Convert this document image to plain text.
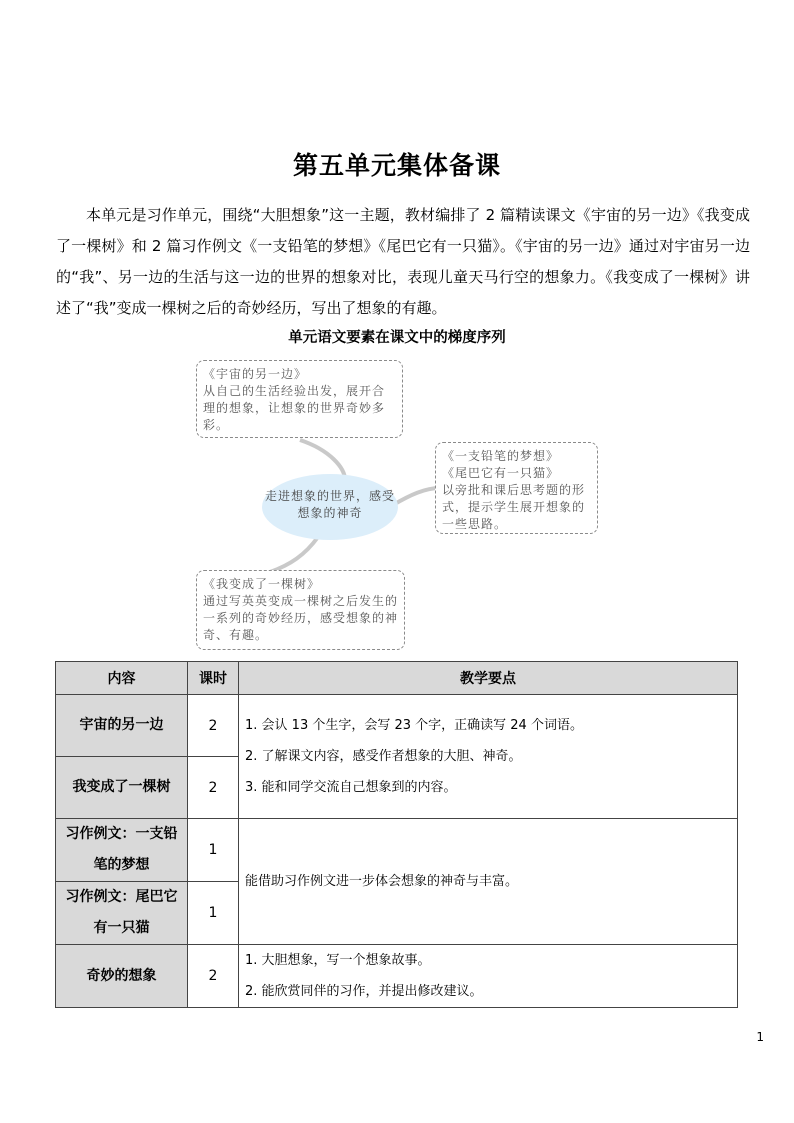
第五单元集体备课
本单元是习作单元，围绕“大胆想象”这一主题，教材编排了 2 篇精读课文《宇宙的另一边》《我变成了一棵树》和 2 篇习作例文《一支铅笔的梦想》《尾巴它有一只猫》。《宇宙的另一边》通过对宇宙另一边的“我”、另一边的生活与这一边的世界的想象对比，表现儿童天马行空的想象力。《我变成了一棵树》讲述了“我”变成一棵树之后的奇妙经历，写出了想象的有趣。
单元语文要素在课文中的梯度序列
《宇宙的另一边》
从自己的生活经验出发，展开合理的想象，让想象的世界奇妙多彩。
《一支铅笔的梦想》
《尾巴它有一只猫》
以旁批和课后思考题的形式，提示学生展开想象的一些思路。
《我变成了一棵树》
通过写英英变成一棵树之后发生的一系列的奇妙经历，感受想象的神奇、有趣。
走进想象的世界，感受想象的神奇
内容	课时	教学要点
宇宙的另一边	2	1. 会认 13 个生字，会写 23 个字，正确读写 24 个词语。

2. 了解课文内容，感受作者想象的大胆、神奇。

3. 能和同学交流自己想象到的内容。

我变成了一棵树	2	
习作例文：一支铅笔的梦想	1	能借助习作例文进一步体会想象的神奇与丰富。

习作例文：尾巴它有一只猫	1	
奇妙的想象	2	1. 大胆想象，写一个想象故事。

2. 能欣赏同伴的习作，并提出修改建议。

1
